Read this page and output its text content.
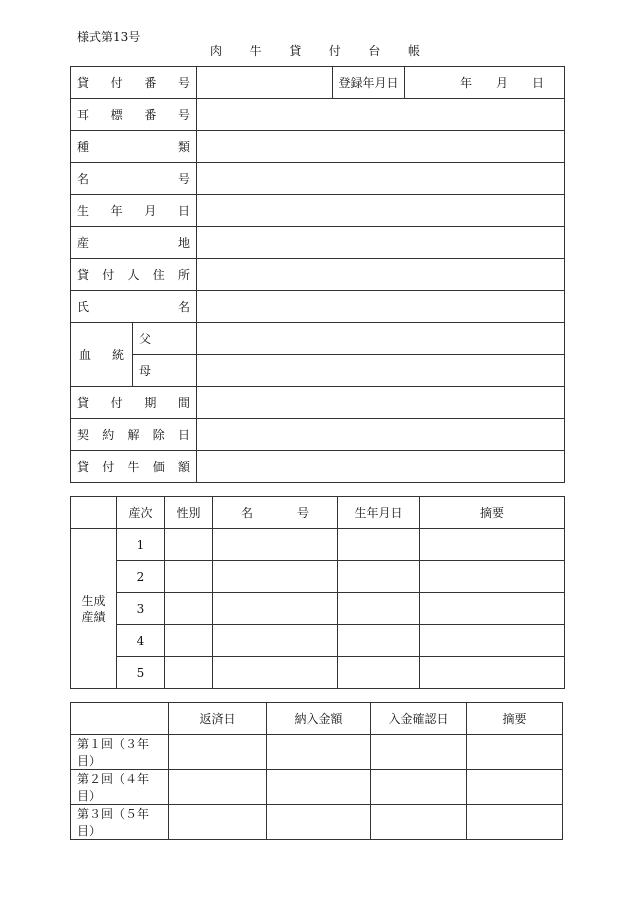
様式第13号
肉 牛 貸 付 台 帳
貸 付 番 号			登録年月日	年 月 日

耳 標 番 号				

種 類				

名 号				

生 年 月 日				

産 地				

貸 付 人 住 所				

氏 名				

血 統	父			
	母			

貸 付 期 間				

契 約 解 除 日				

貸 付 牛 価 額				

	産次	性別	名 号	生年月日	摘要

生成
産績	1				
	2				
	3				
	4				
	5				
	返済日	納入金額	入金確認日	摘要
第１回（３年目）				
第２回（４年目）				
第３回（５年目）				
